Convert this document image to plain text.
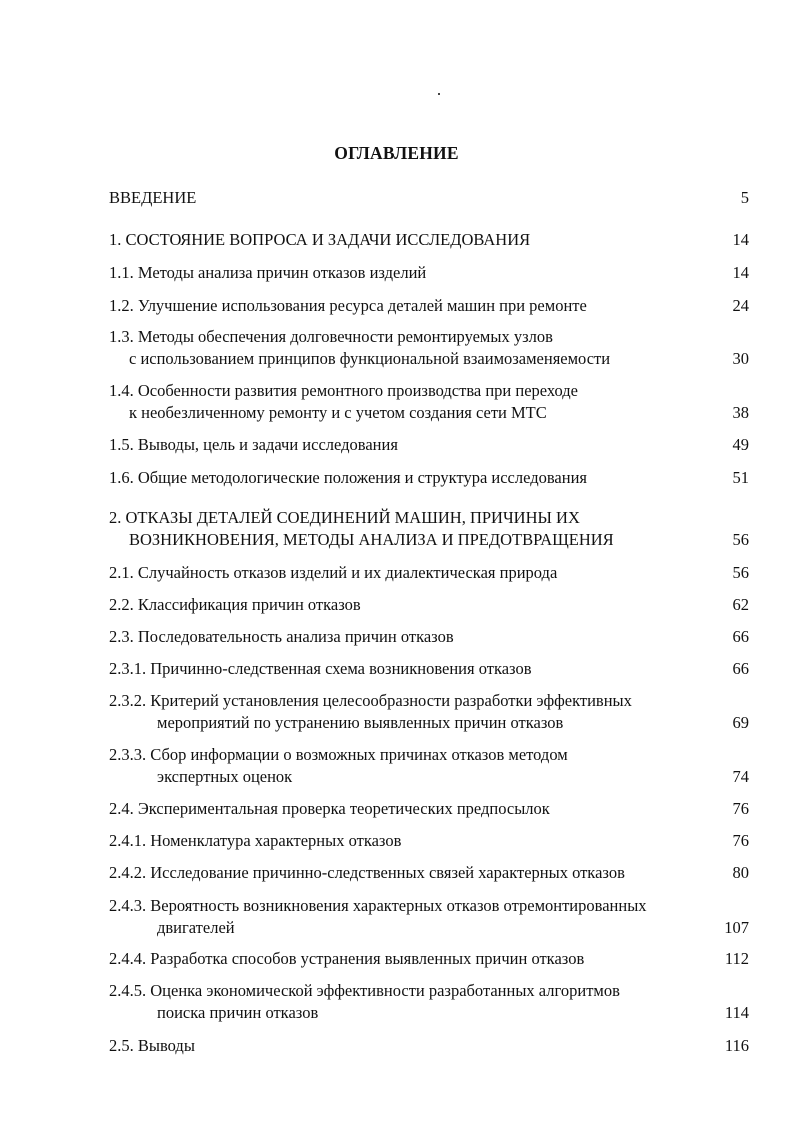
ОГЛАВЛЕНИЕ
ВВЕДЕНИЕ	5
1. СОСТОЯНИЕ ВОПРОСА И ЗАДАЧИ ИССЛЕДОВАНИЯ	14
1.1. Методы анализа причин отказов изделий	14
1.2. Улучшение использования ресурса деталей машин при ремонте	24
1.3. Методы обеспечения долговечности ремонтируемых узлов
с использованием принципов функциональной взаимозаменяемости	30
1.4. Особенности развития ремонтного производства при переходе
к необезличенному ремонту и с учетом создания сети МТС	38
1.5. Выводы, цель и задачи исследования	49
1.6. Общие методологические положения и структура исследования	51
2. ОТКАЗЫ ДЕТАЛЕЙ СОЕДИНЕНИЙ МАШИН, ПРИЧИНЫ ИХ
ВОЗНИКНОВЕНИЯ, МЕТОДЫ АНАЛИЗА И ПРЕДОТВРАЩЕНИЯ	56
2.1. Случайность отказов изделий и их диалектическая природа	56
2.2. Классификация причин отказов	62
2.3. Последовательность анализа причин отказов	66
2.3.1. Причинно-следственная схема возникновения отказов	66
2.3.2. Критерий установления целесообразности разработки эффективных
мероприятий по устранению выявленных причин отказов	69
2.3.3. Сбор информации о возможных причинах отказов методом
экспертных оценок	74
2.4. Экспериментальная проверка теоретических предпосылок	76
2.4.1. Номенклатура характерных отказов	76
2.4.2. Исследование причинно-следственных связей характерных отказов	80
2.4.3. Вероятность возникновения характерных отказов отремонтированных
двигателей	107
2.4.4. Разработка способов устранения выявленных причин отказов	112
2.4.5. Оценка экономической эффективности разработанных алгоритмов
поиска причин отказов	114
2.5. Выводы	116
